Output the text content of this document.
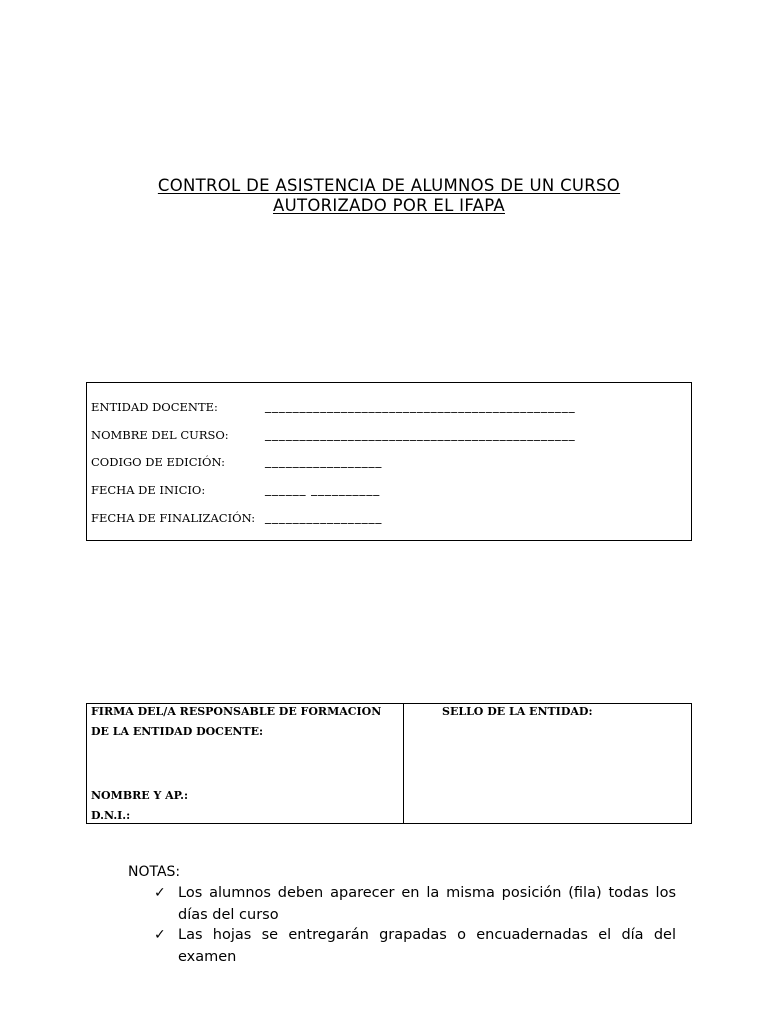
CONTROL DE ASISTENCIA DE ALUMNOS DE UN CURSO
AUTORIZADO POR EL IFAPA
ENTIDAD DOCENTE:	_____________________________________________
NOMBRE DEL CURSO:	_____________________________________________
CODIGO DE EDICIÓN:	_________________
FECHA DE INICIO:	______ __________
FECHA DE FINALIZACIÓN: _________________
FIRMA DEL/A RESPONSABLE DE FORMACION
DE LA ENTIDAD DOCENTE:
NOMBRE Y AP.:
D.N.I.:
SELLO DE LA ENTIDAD:
NOTAS:
✓ Los alumnos deben aparecer en la misma posición (fila) todas los días del curso
✓ Las hojas se entregarán grapadas o encuadernadas el día del examen
